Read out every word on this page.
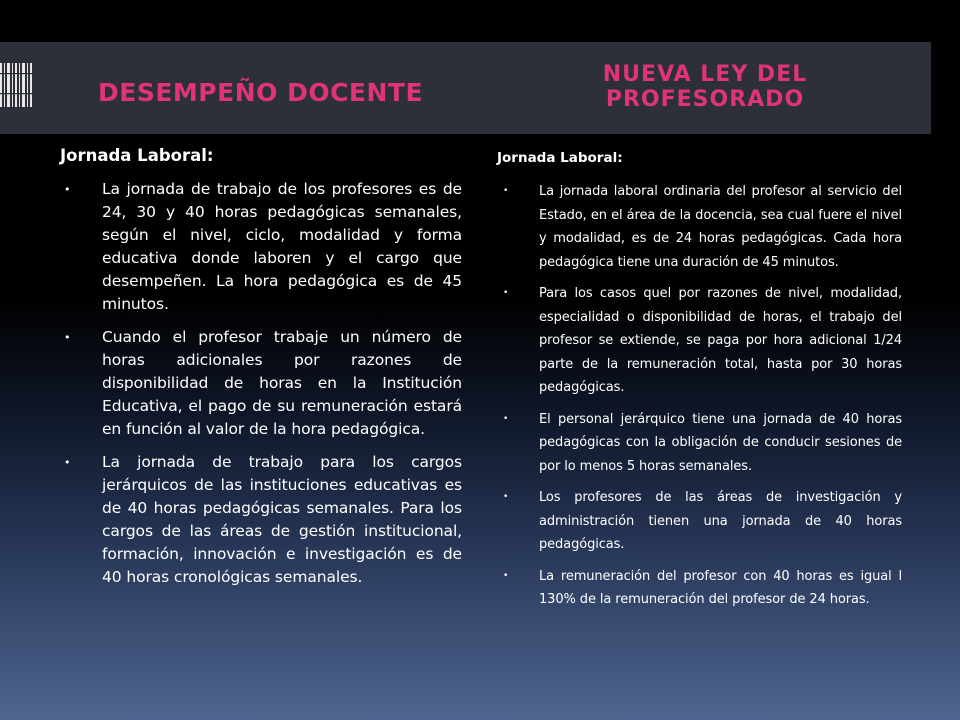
DESEMPEÑO DOCENTE
NUEVA LEY DEL PROFESORADO
Jornada Laboral:
• La jornada de trabajo de los profesores es de 24, 30 y 40 horas pedagógicas semanales, según el nivel, ciclo, modalidad y forma educativa donde laboren y el cargo que desempeñen. La hora pedagógica es de 45 minutos.
• Cuando el profesor trabaje un número de horas adicionales por razones de disponibilidad de horas en la Institución Educativa, el pago de su remuneración estará en función al valor de la hora pedagógica.
• La jornada de trabajo para los cargos jerárquicos de las instituciones educativas es de 40 horas pedagógicas semanales. Para los cargos de las áreas de gestión institucional, formación, innovación e investigación es de 40 horas cronológicas semanales.
Jornada Laboral:
• La jornada laboral ordinaria del profesor al servicio del Estado, en el área de la docencia, sea cual fuere el nivel y modalidad, es de 24 horas pedagógicas. Cada hora pedagógica tiene una duración de 45 minutos.
• Para los casos quel por razones de nivel, modalidad, especialidad o disponibilidad de horas, el trabajo del profesor se extiende, se paga por hora adicional 1/24 parte de la remuneración total, hasta por 30 horas pedagógicas.
• El personal jerárquico tiene una jornada de 40 horas pedagógicas con la obligación de conducir sesiones de por lo menos 5 horas semanales.
• Los profesores de las áreas de investigación y administración tienen una jornada de 40 horas pedagógicas.
• La remuneración del profesor con 40 horas es igual l 130% de la remuneración del profesor de 24 horas.
